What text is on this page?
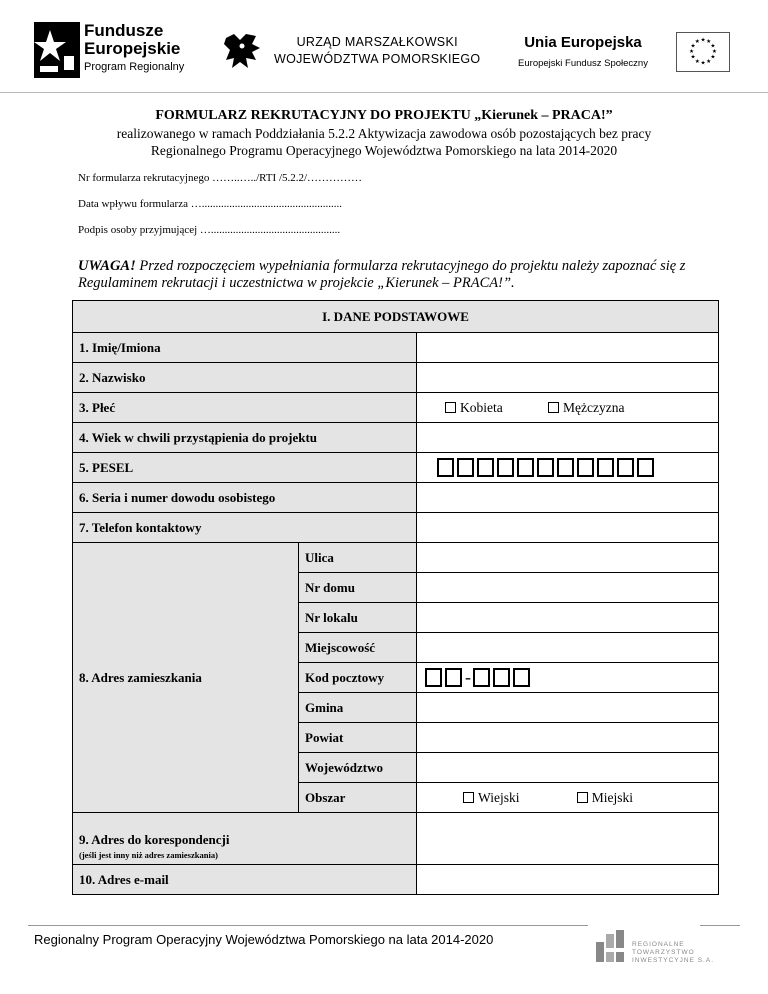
Fundusze
Europejskie
Program Regionalny
URZĄD MARSZAŁKOWSKI
WOJEWÓDZTWA POMORSKIEGO
Unia Europejska
Europejski Fundusz Społeczny
★ ★
★
★
★
★
★
★
★
★
★
★
FORMULARZ REKRUTACYJNY DO PROJEKTU „Kierunek – PRACA!”
realizowanego w ramach Poddziałania 5.2.2 Aktywizacja zawodowa osób pozostających bez pracy
Regionalnego Programu Operacyjnego Województwa Pomorskiego na lata 2014-2020
Nr formularza rekrutacyjnego ……..…../RTI /5.2.2/……………
Data wpływu formularza …...................................................
Podpis osoby przyjmującej …...............................................
UWAGA! Przed rozpoczęciem wypełniania formularza rekrutacyjnego do projektu należy zapoznać się z Regulaminem rekrutacji i uczestnictwa w projekcie „Kierunek – PRACA!”.
I. DANE PODSTAWOWE		
1. Imię/Imiona		
2. Nazwisko		
3. Płeć		Kobieta Mężczyzna
4. Wiek w chwili przystąpienia do projektu		
5. PESEL		
6. Seria i numer dowodu osobistego		
7. Telefon kontaktowy		
8. Adres zamieszkania	Ulica	
	Nr domu	
	Nr lokalu	
	Miejscowość	
	Kod pocztowy	-
	Gmina	
	Powiat	
	Województwo	
	Obszar	Wiejski Miejski
9. Adres do korespondencji
(jeśli jest inny niż adres zamieszkania)		

10. Adres e-mail		
Regionalny Program Operacyjny Województwa Pomorskiego na lata 2014-2020	REGIONALNE
TOWARZYSTWO
INWESTYCYJNE S.A.
